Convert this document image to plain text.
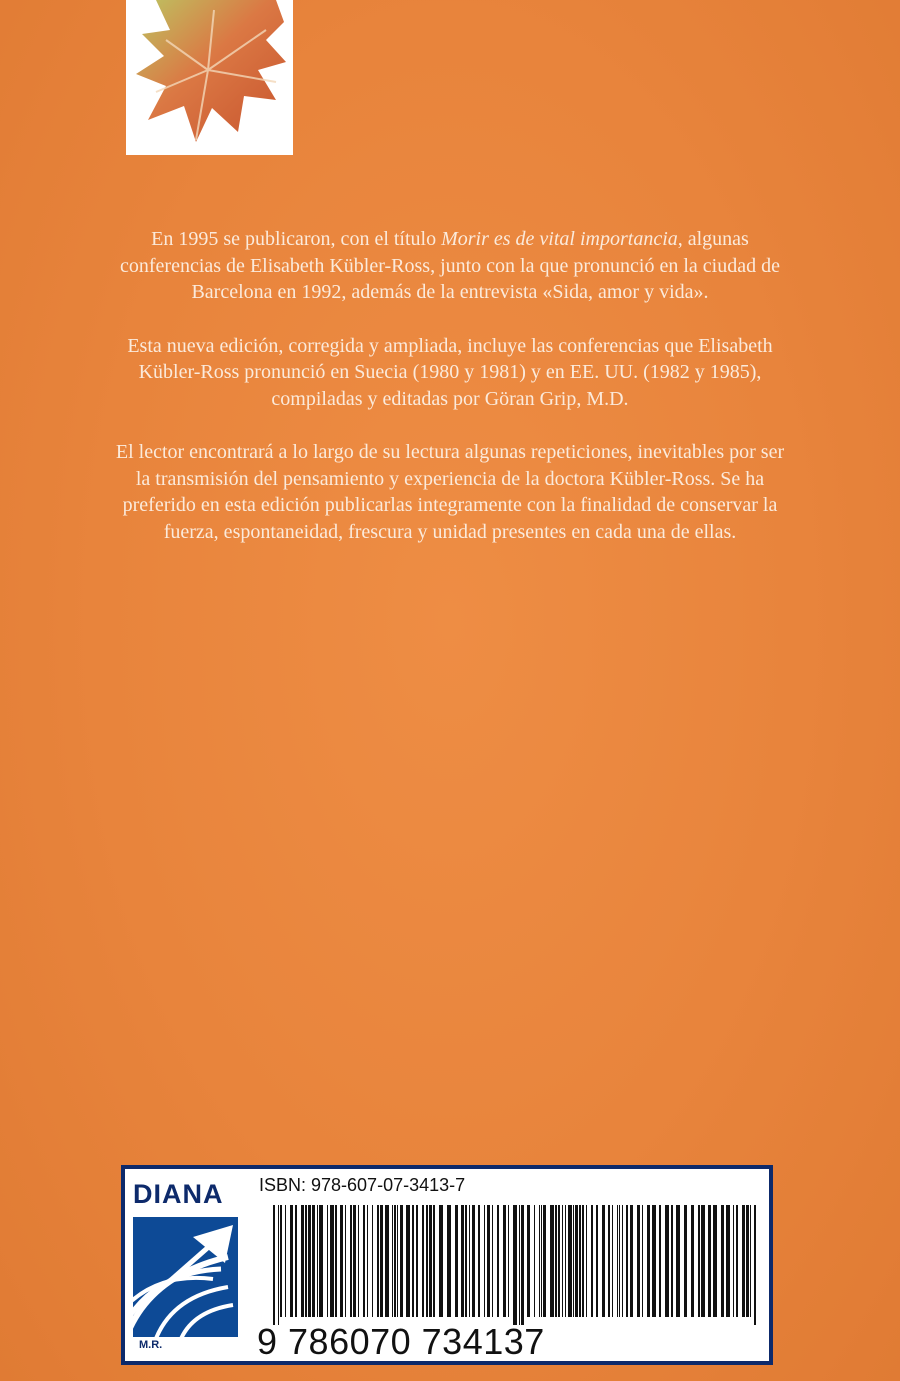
En 1995 se publicaron, con el título Morir es de vital importancia, algunas conferencias de Elisabeth Kübler-Ross, junto con la que pronunció en la ciudad de Barcelona en 1992, además de la entrevista «Sida, amor y vida».

Esta nueva edición, corregida y ampliada, incluye las conferencias que Elisabeth Kübler-Ross pronunció en Suecia (1980 y 1981) y en EE. UU. (1982 y 1985), compiladas y editadas por Göran Grip, M.D.

El lector encontrará a lo largo de su lectura algunas repeticiones, inevitables por ser la transmisión del pensamiento y experiencia de la doctora Kübler-Ross. Se ha preferido en esta edición publicarlas integramente con la finalidad de conservar la fuerza, espontaneidad, frescura y unidad presentes en cada una de ellas.

DIANA
M.R.
ISBN: 978-607-07-3413-7
9 786070 734137
